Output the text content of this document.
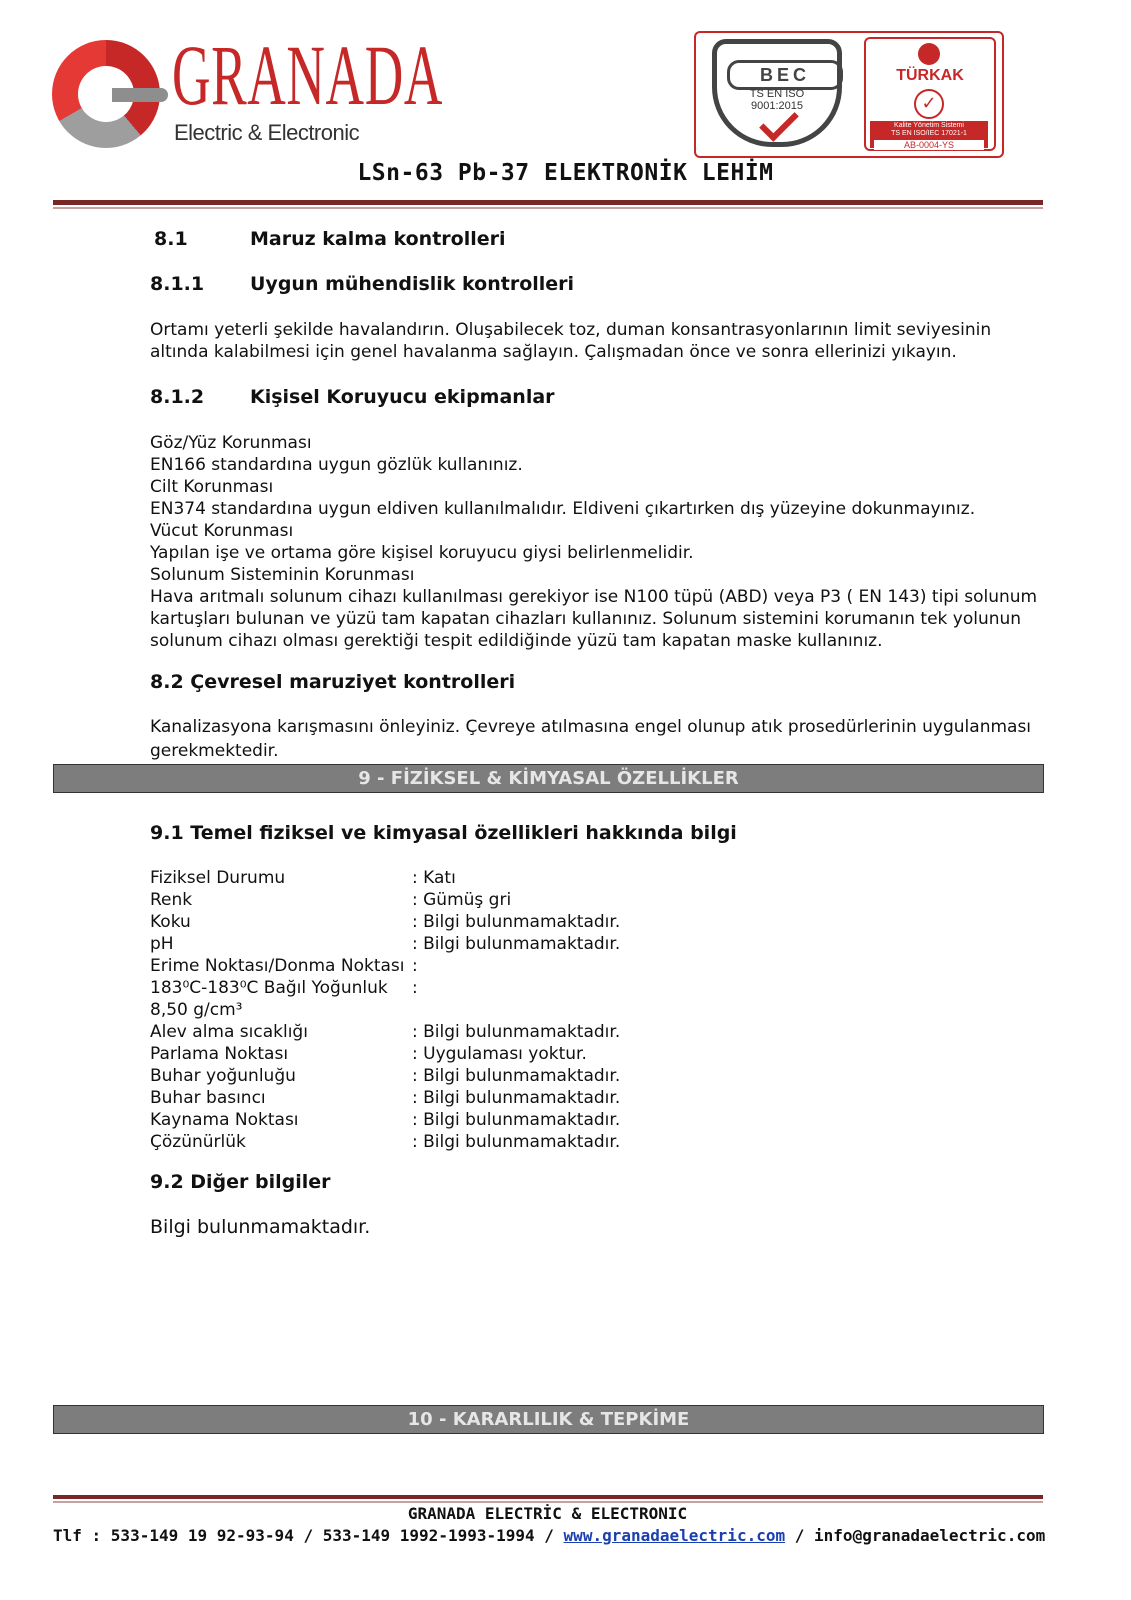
GRANADA
Electric & Electronic
BEC
TS EN ISO
9001:2015
TÜRKAK
✓
Kalite Yönetim Sistemi
TS EN ISO/IEC 17021-1
AB-0004-YS
LSn-63 Pb-37 ELEKTRONİK LEHİM
8.1	Maruz kalma kontrolleri
8.1.1 Uygun mühendislik kontrolleri
Ortamı yeterli şekilde havalandırın. Oluşabilecek toz, duman konsantrasyonlarının limit seviyesinin
altında kalabilmesi için genel havalanma sağlayın. Çalışmadan önce ve sonra ellerinizi yıkayın.
8.1.2 Kişisel Koruyucu ekipmanlar
Göz/Yüz Korunması
EN166 standardına uygun gözlük kullanınız.
Cilt Korunması
EN374 standardına uygun eldiven kullanılmalıdır. Eldiveni çıkartırken dış yüzeyine dokunmayınız.
Vücut Korunması
Yapılan işe ve ortama göre kişisel koruyucu giysi belirlenmelidir.
Solunum Sisteminin Korunması
Hava arıtmalı solunum cihazı kullanılması gerekiyor ise N100 tüpü (ABD) veya P3 ( EN 143) tipi solunum
kartuşları bulunan ve yüzü tam kapatan cihazları kullanınız. Solunum sistemini korumanın tek yolunun
solunum cihazı olması gerektiği tespit edildiğinde yüzü tam kapatan maske kullanınız.
8.2 Çevresel maruziyet kontrolleri
Kanalizasyona karışmasını önleyiniz. Çevreye atılmasına engel olunup atık prosedürlerinin uygulanması
gerekmektedir.
9 - FİZİKSEL & KİMYASAL ÖZELLİKLER
9.1 Temel fiziksel ve kimyasal özellikleri hakkında bilgi
Fiziksel Durumu	: Katı
Renk	: Gümüş gri
Koku	: Bilgi bulunmamaktadır.
pH	: Bilgi bulunmamaktadır.
Erime Noktası/Donma Noktası :
183⁰C-183⁰C Bağıl Yoğunluk :
8,50 g/cm³
Alev alma sıcaklığı	: Bilgi bulunmamaktadır.
Parlama Noktası	: Uygulaması yoktur.
Buhar yoğunluğu	: Bilgi bulunmamaktadır.
Buhar basıncı	: Bilgi bulunmamaktadır.
Kaynama Noktası	: Bilgi bulunmamaktadır.
Çözünürlük	: Bilgi bulunmamaktadır.
9.2 Diğer bilgiler
Bilgi bulunmamaktadır.
10 - KARARLILIK & TEPKİME
GRANADA ELECTRİC & ELECTRONIC
Tlf : 533-149 19 92-93-94 / 533-149 1992-1993-1994 / www.granadaelectric.com / info@granadaelectric.com
